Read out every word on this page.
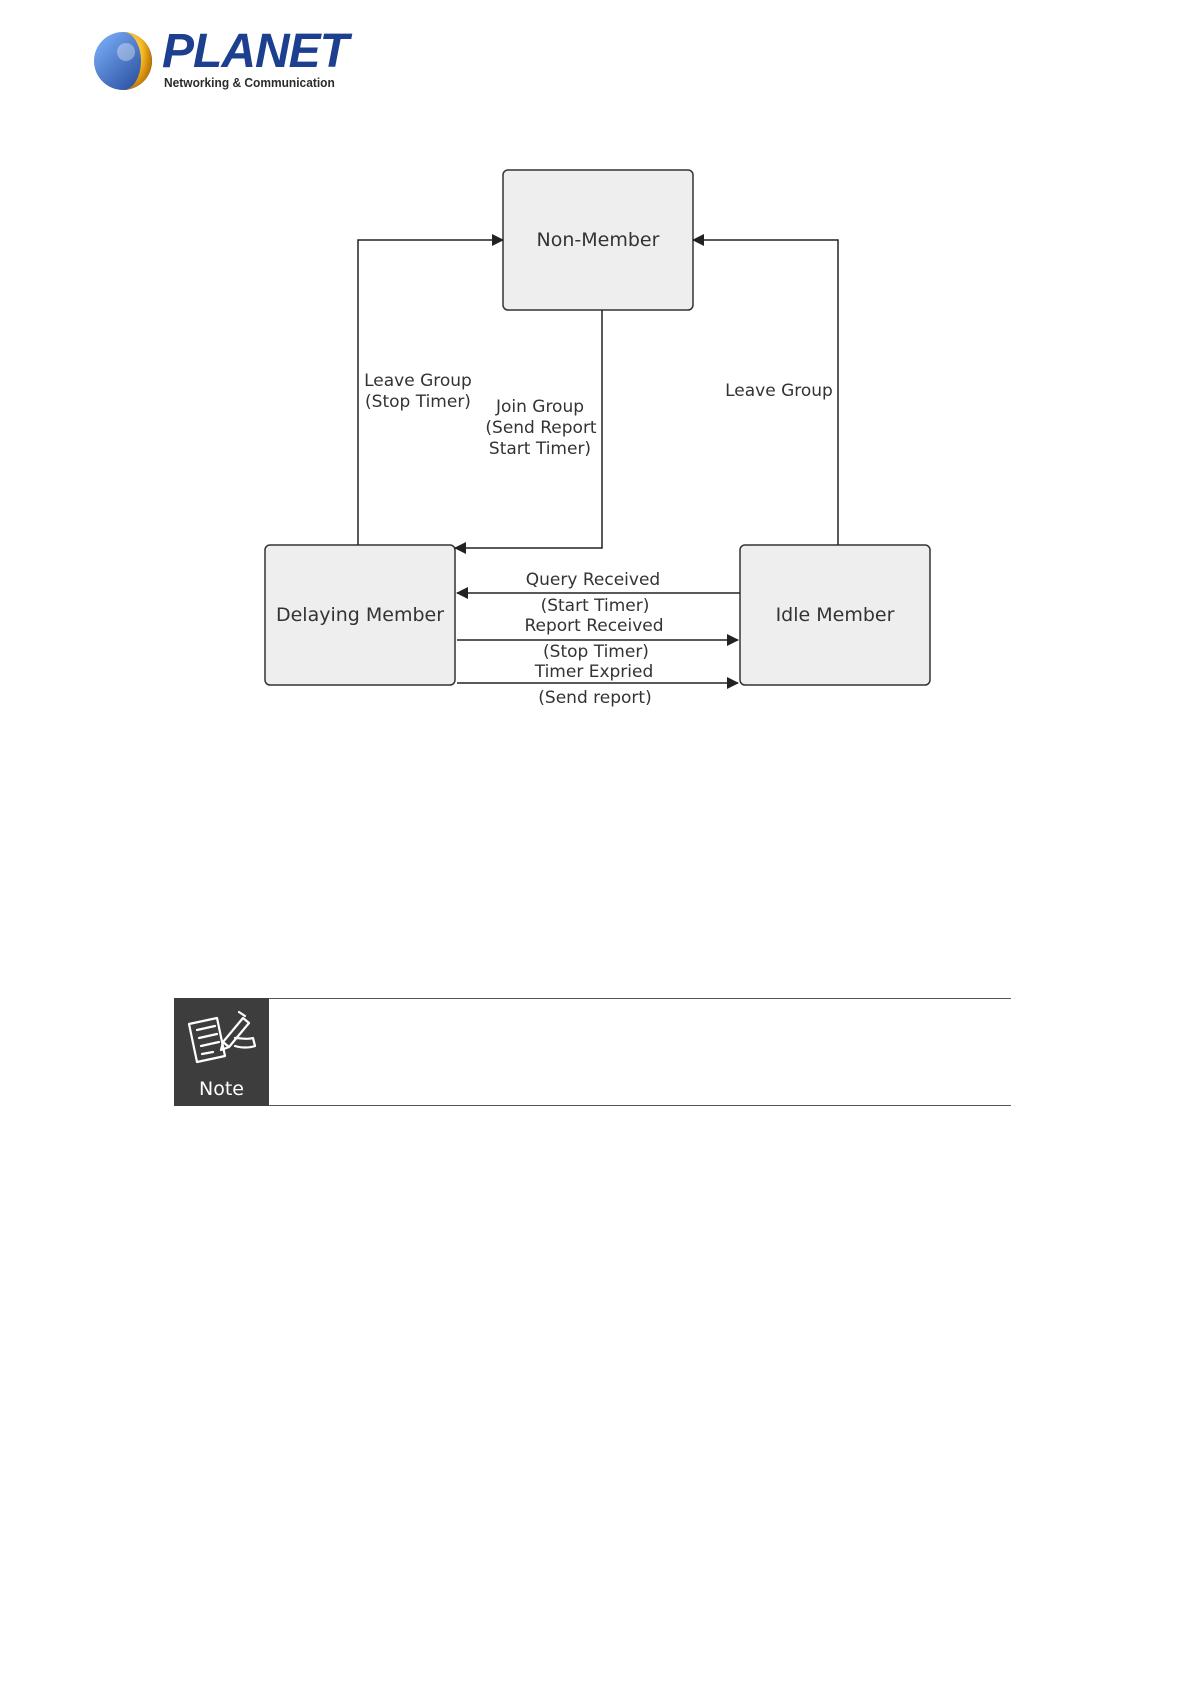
PLANET
Networking & Communication
Non-Member
Delaying Member	Idle Member
Leave Group
(Stop Timer) Join Group
(Send Report
Start Timer)
Leave Group
Query Received
(Start Timer)
Report Received
(Stop Timer)
Timer Expried
(Send report)
Note
